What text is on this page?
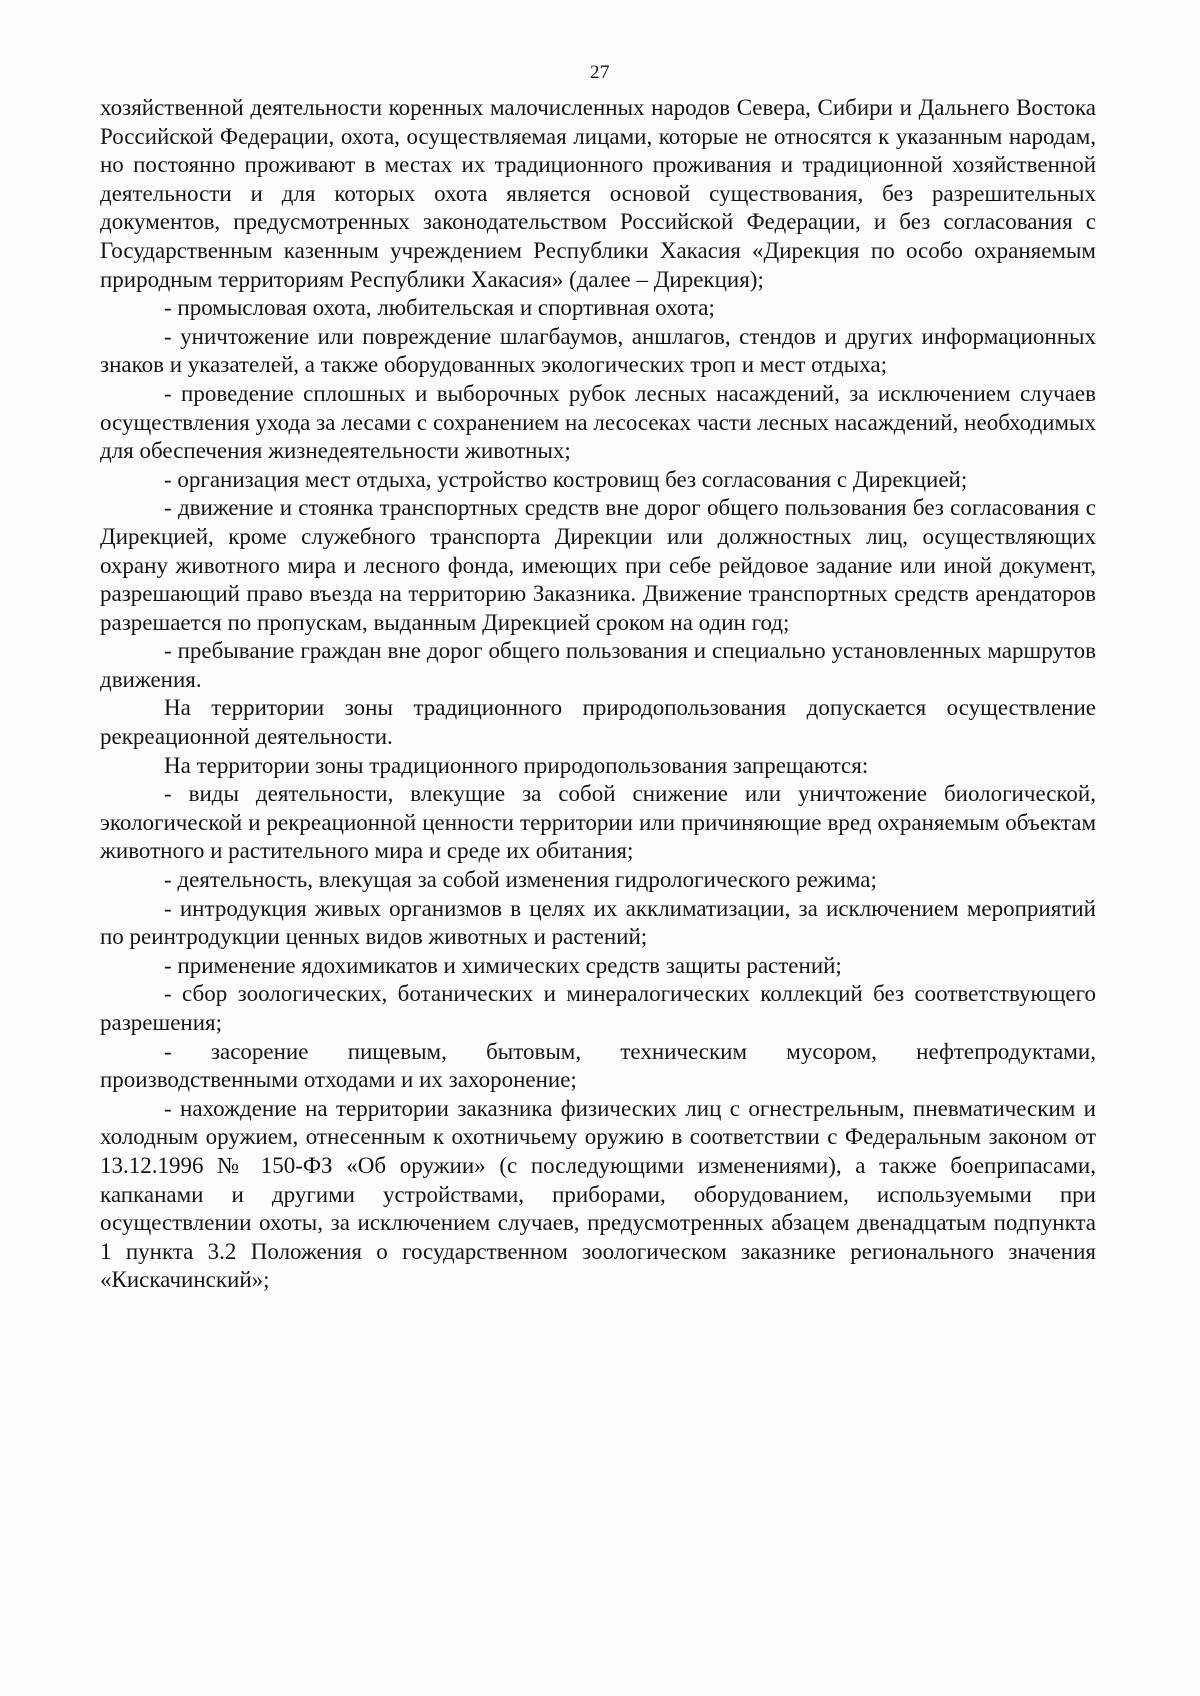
27

хозяйственной деятельности коренных малочисленных народов Севера, Сибири и Дальнего Востока Российской Федерации, охота, осуществляемая лицами, которые не относятся к указанным народам, но постоянно проживают в местах их традиционного проживания и традиционной хозяйственной деятельности и для которых охота является основой существования, без разрешительных документов, предусмотренных законодательством Российской Федерации, и без согласования с Государственным казенным учреждением Республики Хакасия «Дирекция по особо охраняемым природным территориям Республики Хакасия» (далее – Дирекция);

- промысловая охота, любительская и спортивная охота;

- уничтожение или повреждение шлагбаумов, аншлагов, стендов и других информационных знаков и указателей, а также оборудованных экологических троп и мест отдыха;

- проведение сплошных и выборочных рубок лесных насаждений, за исключением случаев осуществления ухода за лесами с сохранением на лесосеках части лесных насаждений, необходимых для обеспечения жизнедеятельности животных;

- организация мест отдыха, устройство кострoвищ без согласования с Дирекцией;

- движение и стоянка транспортных средств вне дорог общего пользования без согласования с Дирекцией, кроме служебного транспорта Дирекции или должностных лиц, осуществляющих охрану животного мира и лесного фонда, имеющих при себе рейдовое задание или иной документ, разрешающий право въезда на территорию Заказника. Движение транспортных средств арендаторов разрешается по пропускам, выданным Дирекцией сроком на один год;

- пребывание граждан вне дорог общего пользования и специально установленных маршрутов движения.

На территории зоны традиционного природопользования допускается осуществление рекреационной деятельности.

На территории зоны традиционного природопользования запрещаются:

- виды деятельности, влекущие за собой снижение или уничтожение биологической, экологической и рекреационной ценности территории или причиняющие вред охраняемым объектам животного и растительного мира и среде их обитания;

- деятельность, влекущая за собой изменения гидрологического режима;

- интродукция живых организмов в целях их акклиматизации, за исключением мероприятий по реинтродукции ценных видов животных и растений;

- применение ядохимикатов и химических средств защиты растений;

- сбор зоологических, ботанических и минералогических коллекций без соответствующего разрешения;

- засорение пищевым, бытовым, техническим мусором, нефтепродуктами, производственными отходами и их захоронение;

- нахождение на территории заказника физических лиц с огнестрельным, пневматическим и холодным оружием, отнесенным к охотничьему оружию в соответствии с Федеральным законом от 13.12.1996 № 150-ФЗ «Об оружии» (с последующими изменениями), а также боеприпасами, капканами и другими устройствами, приборами, оборудованием, используемыми при осуществлении охоты, за исключением случаев, предусмотренных абзацем двенадцатым подпункта 1 пункта 3.2 Положения о государственном зоологическом заказнике регионального значения «Кискачинский»;
